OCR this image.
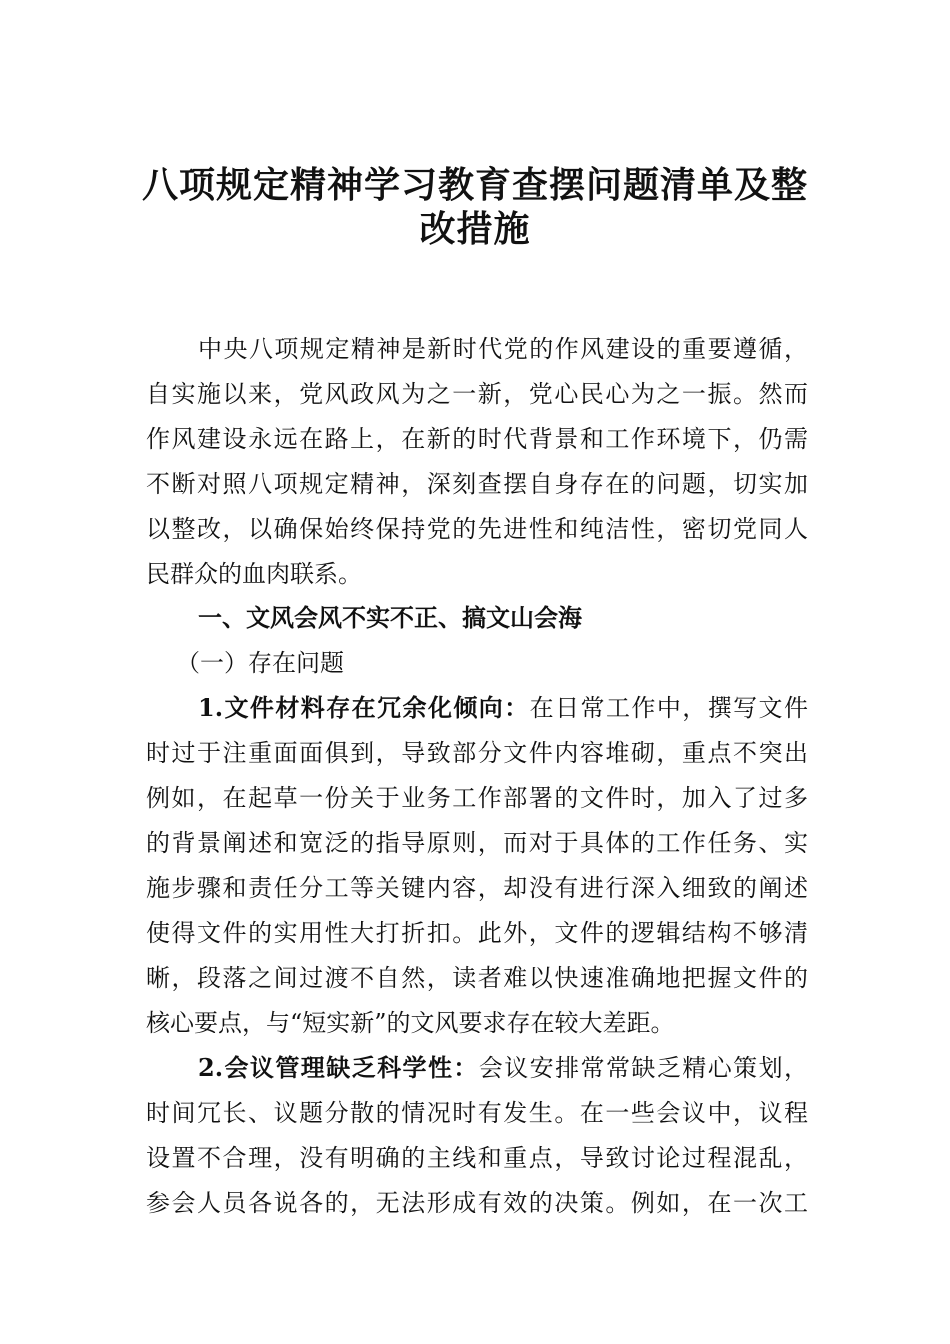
八项规定精神学习教育查摆问题清单及整
改措施
中央八项规定精神是新时代党的作风建设的重要遵循，
自实施以来，党风政风为之一新，党心民心为之一振。然而
作风建设永远在路上，在新的时代背景和工作环境下，仍需
不断对照八项规定精神，深刻查摆自身存在的问题，切实加
以整改，以确保始终保持党的先进性和纯洁性，密切党同人
民群众的血肉联系。
一、文风会风不实不正、搞文山会海
（一）存在问题
1.文件材料存在冗余化倾向：在日常工作中，撰写文件
时过于注重面面俱到，导致部分文件内容堆砌，重点不突出
例如，在起草一份关于业务工作部署的文件时，加入了过多
的背景阐述和宽泛的指导原则，而对于具体的工作任务、实
施步骤和责任分工等关键内容，却没有进行深入细致的阐述
使得文件的实用性大打折扣。此外，文件的逻辑结构不够清
晰，段落之间过渡不自然，读者难以快速准确地把握文件的
核心要点，与“短实新”的文风要求存在较大差距。
2.会议管理缺乏科学性：会议安排常常缺乏精心策划，
时间冗长、议题分散的情况时有发生。在一些会议中，议程
设置不合理，没有明确的主线和重点，导致讨论过程混乱，
参会人员各说各的，无法形成有效的决策。例如，在一次工
